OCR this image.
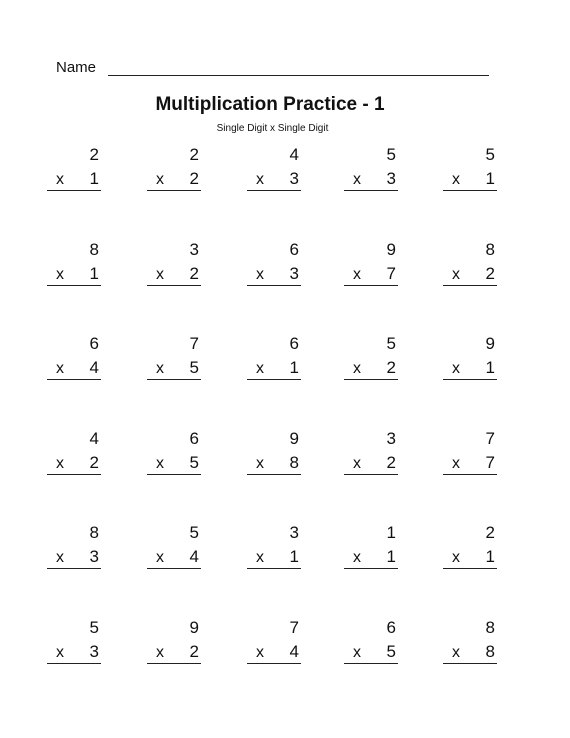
Name
Multiplication Practice - 1
Single Digit x Single Digit
2
x 1
2
x 2
4
x 3
5
x 3
5
x 1
8
x 1
3
x 2
6
x 3
9
x 7
8
x 2
6
x 4
7
x 5
6
x 1
5
x 2
9
x 1
4
x 2
6
x 5
9
x 8
3
x 2
7
x 7
8
x 3
5
x 4
3
x 1
1
x 1
2
x 1
5
x 3
9
x 2
7
x 4
6
x 5
8
x 8
